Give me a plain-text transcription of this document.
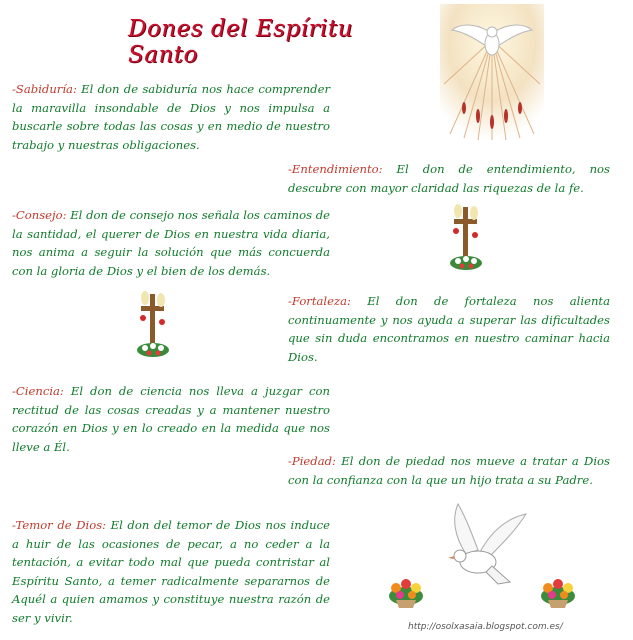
Dones del Espíritu Santo

-Sabiduría: El don de sabiduría nos hace comprender la maravilla insondable de Dios y nos impulsa a buscarle sobre todas las cosas y en medio de nuestro trabajo y nuestras obligaciones.

-Entendimiento: El don de entendimiento, nos descubre con mayor claridad las riquezas de la fe.

-Consejo: El don de consejo nos señala los caminos de la santidad, el querer de Dios en nuestra vida diaria, nos anima a seguir la solución que más concuerda con la gloria de Dios y el bien de los demás.

-Fortaleza: El don de fortaleza nos alienta continuamente y nos ayuda a superar las dificultades que sin duda encontramos en nuestro caminar hacia Dios.

-Ciencia: El don de ciencia nos lleva a juzgar con rectitud de las cosas creadas y a mantener nuestro corazón en Dios y en lo creado en la medida que nos lleve a Él.

-Piedad: El don de piedad nos mueve a tratar a Dios con la confianza con la que un hijo trata a su Padre.

-Temor de Dios: El don del temor de Dios nos induce a huir de las ocasiones de pecar, a no ceder a la tentación, a evitar todo mal que pueda contristar al Espíritu Santo, a temer radicalmente separarnos de Aquél a quien amamos y constituye nuestra razón de ser y vivir.

http://osolxasaia.blogspot.com.es/
